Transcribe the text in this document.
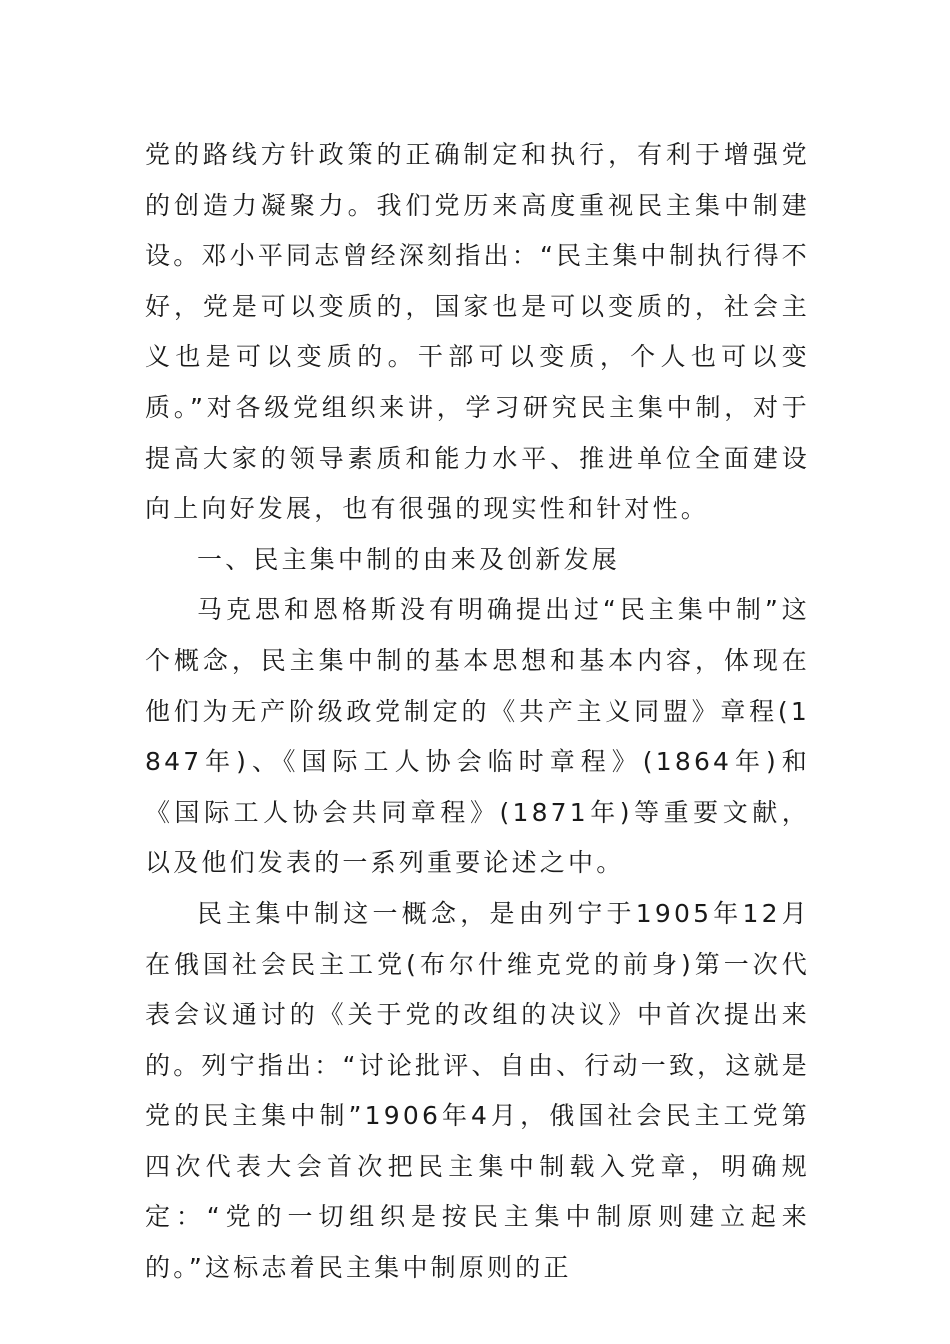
党的路线方针政策的正确制定和执行，有利于增强党的创造力凝聚力。我们党历来高度重视民主集中制建设。邓小平同志曾经深刻指出：“民主集中制执行得不好，党是可以变质的，国家也是可以变质的，社会主义也是可以变质的。干部可以变质，个人也可以变质。”对各级党组织来讲，学习研究民主集中制，对于提高大家的领导素质和能力水平、推进单位全面建设向上向好发展，也有很强的现实性和针对性。

一、民主集中制的由来及创新发展

马克思和恩格斯没有明确提出过“民主集中制”这个概念，民主集中制的基本思想和基本内容，体现在他们为无产阶级政党制定的《共产主义同盟》章程(1847年)、《国际工人协会临时章程》(1864年)和《国际工人协会共同章程》(1871年)等重要文献， 以及他们发表的一系列重要论述之中。

民主集中制这一概念，是由列宁于1905年12月在俄国社会民主工党(布尔什维克党的前身)第一次代表会议通讨的《关于党的改组的决议》中首次提出来的。列宁指出：“讨论批评、自由、行动一致，这就是党的民主集中制”1906年4月，俄国社会民主工党第四次代表大会首次把民主集中制载入党章，明确规定：“党的一切组织是按民主集中制原则建立起来的。”这标志着民主集中制原则的正
